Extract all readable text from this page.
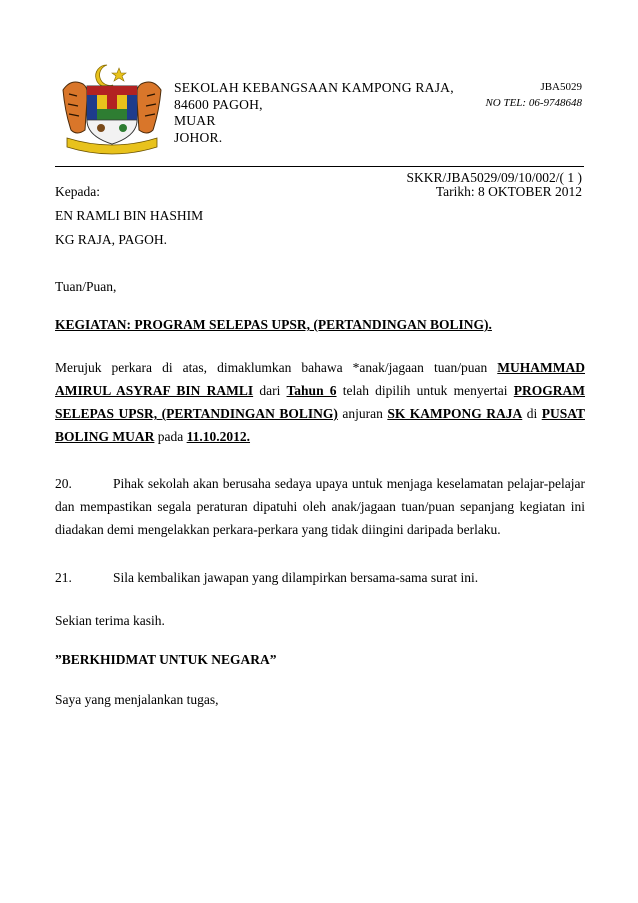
SEKOLAH KEBANGSAAN KAMPONG RAJA,
84600 PAGOH,
MUAR
JOHOR.
JBA5029
NO TEL: 06-9748648
SKKR/JBA5029/09/10/002/( 1 )
Kepada:	Tarikh: 8 OKTOBER 2012
EN RAMLI BIN HASHIM
KG RAJA, PAGOH.
Tuan/Puan,
KEGIATAN: PROGRAM SELEPAS UPSR, (PERTANDINGAN BOLING).
Merujuk perkara di atas, dimaklumkan bahawa *anak/jagaan tuan/puan MUHAMMAD AMIRUL ASYRAF BIN RAMLI dari Tahun 6 telah dipilih untuk menyertai PROGRAM SELEPAS UPSR, (PERTANDINGAN BOLING) anjuran SK KAMPONG RAJA di PUSAT BOLING MUAR pada 11.10.2012.
20.	Pihak sekolah akan berusaha sedaya upaya untuk menjaga keselamatan pelajar-pelajar dan mempastikan segala peraturan dipatuhi oleh anak/jagaan tuan/puan sepanjang kegiatan ini diadakan demi mengelakkan perkara-perkara yang tidak diingini daripada berlaku.
21.	Sila kembalikan jawapan yang dilampirkan bersama-sama surat ini.
Sekian terima kasih.
”BERKHIDMAT UNTUK NEGARA”
Saya yang menjalankan tugas,
